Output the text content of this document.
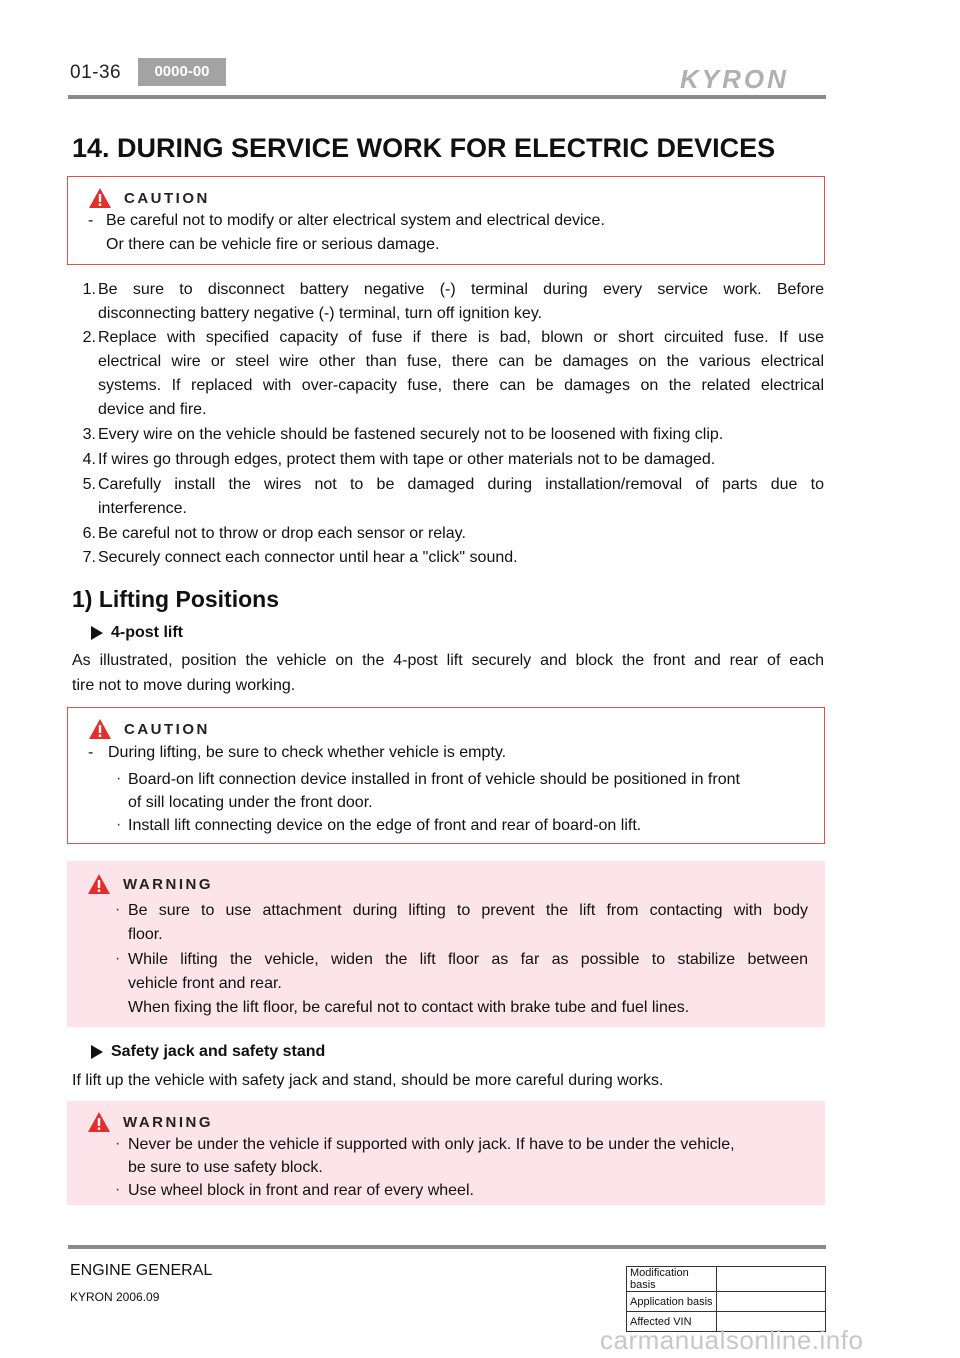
01-36	0000-00	KYRON
14. DURING SERVICE WORK FOR ELECTRIC DEVICES
CAUTION
- Be careful not to modify or alter electrical system and electrical device.
Or there can be vehicle fire or serious damage.
1. Be sure to disconnect battery negative (-) terminal during every service work. Before
disconnecting battery negative (-) terminal, turn off ignition key.
2. Replace with specified capacity of fuse if there is bad, blown or short circuited fuse. If use
electrical wire or steel wire other than fuse, there can be damages on the various electrical
systems. If replaced with over-capacity fuse, there can be damages on the related electrical
device and fire.
3. Every wire on the vehicle should be fastened securely not to be loosened with fixing clip.
4. If wires go through edges, protect them with tape or other materials not to be damaged.
5. Carefully install the wires not to be damaged during installation/removal of parts due to
interference.
6. Be careful not to throw or drop each sensor or relay.
7. Securely connect each connector until hear a "click" sound.
1) Lifting Positions
4-post lift
As illustrated, position the vehicle on the 4-post lift securely and block the front and rear of each
tire not to move during working.
CAUTION
- During lifting, be sure to check whether vehicle is empty.
· Board-on lift connection device installed in front of vehicle should be positioned in front
of sill locating under the front door.
· Install lift connecting device on the edge of front and rear of board-on lift.
WARNING
· Be sure to use attachment during lifting to prevent the lift from contacting with body
floor.
· While lifting the vehicle, widen the lift floor as far as possible to stabilize between
vehicle front and rear.
When fixing the lift floor, be careful not to contact with brake tube and fuel lines.
Safety jack and safety stand
If lift up the vehicle with safety jack and stand, should be more careful during works.
WARNING
· Never be under the vehicle if supported with only jack. If have to be under the vehicle,
be sure to use safety block.
· Use wheel block in front and rear of every wheel.
ENGINE GENERAL
KYRON 2006.09
Modification basis	
Application basis	
Affected VIN	
carmanualsonline.info
